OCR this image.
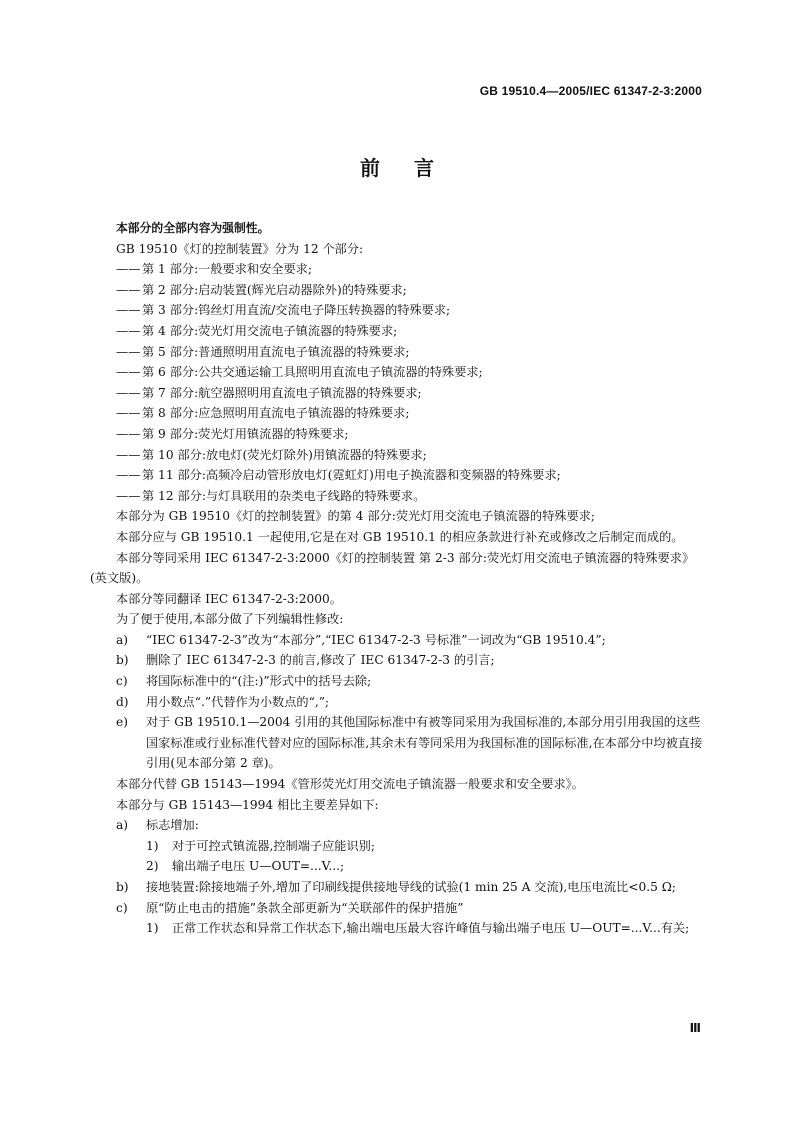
GB 19510.4—2005/IEC 61347-2-3:2000
前言

本部分的全部内容为强制性。

GB 19510《灯的控制装置》分为 12 个部分:

—— 第 1 部分:一般要求和安全要求;

—— 第 2 部分:启动装置(辉光启动器除外)的特殊要求;

—— 第 3 部分:钨丝灯用直流/交流电子降压转换器的特殊要求;

—— 第 4 部分:荧光灯用交流电子镇流器的特殊要求;

—— 第 5 部分:普通照明用直流电子镇流器的特殊要求;

—— 第 6 部分:公共交通运输工具照明用直流电子镇流器的特殊要求;

—— 第 7 部分:航空器照明用直流电子镇流器的特殊要求;

—— 第 8 部分:应急照明用直流电子镇流器的特殊要求;

—— 第 9 部分:荧光灯用镇流器的特殊要求;

—— 第 10 部分:放电灯(荧光灯除外)用镇流器的特殊要求;

—— 第 11 部分:高频冷启动管形放电灯(霓虹灯)用电子换流器和变频器的特殊要求;

—— 第 12 部分:与灯具联用的杂类电子线路的特殊要求。

本部分为 GB 19510《灯的控制装置》的第 4 部分:荧光灯用交流电子镇流器的特殊要求;

本部分应与 GB 19510.1 一起使用,它是在对 GB 19510.1 的相应条款进行补充或修改之后制定而成的。

本部分等同采用 IEC 61347-2-3:2000《灯的控制装置 第 2-3 部分:荧光灯用交流电子镇流器的特殊要求》(英文版)。

本部分等同翻译 IEC 61347-2-3:2000。

为了便于使用,本部分做了下列编辑性修改:

a) “IEC 61347-2-3”改为“本部分”,“IEC 61347-2-3 号标准”一词改为“GB 19510.4”;

b) 删除了 IEC 61347-2-3 的前言,修改了 IEC 61347-2-3 的引言;

c) 将国际标准中的“(注:)”形式中的括号去除;

d) 用小数点“.”代替作为小数点的“,”;

e) 对于 GB 19510.1—2004 引用的其他国际标准中有被等同采用为我国标准的,本部分用引用我国的这些国家标准或行业标准代替对应的国际标准,其余未有等同采用为我国标准的国际标准,在本部分中均被直接引用(见本部分第 2 章)。

本部分代替 GB 15143—1994《管形荧光灯用交流电子镇流器一般要求和安全要求》。

本部分与 GB 15143—1994 相比主要差异如下:

a) 标志增加:

1) 对于可控式镇流器,控制端子应能识别;

2) 输出端子电压 U—OUT=...V...;

b) 接地装置:除接地端子外,增加了印刷线提供接地导线的试验(1 min 25 A 交流),电压电流比<0.5 Ω;

c) 原“防止电击的措施”条款全部更新为“关联部件的保护措施”

1) 正常工作状态和异常工作状态下,输出端电压最大容许峰值与输出端子电压 U—OUT=...V...有关;

Ⅲ
